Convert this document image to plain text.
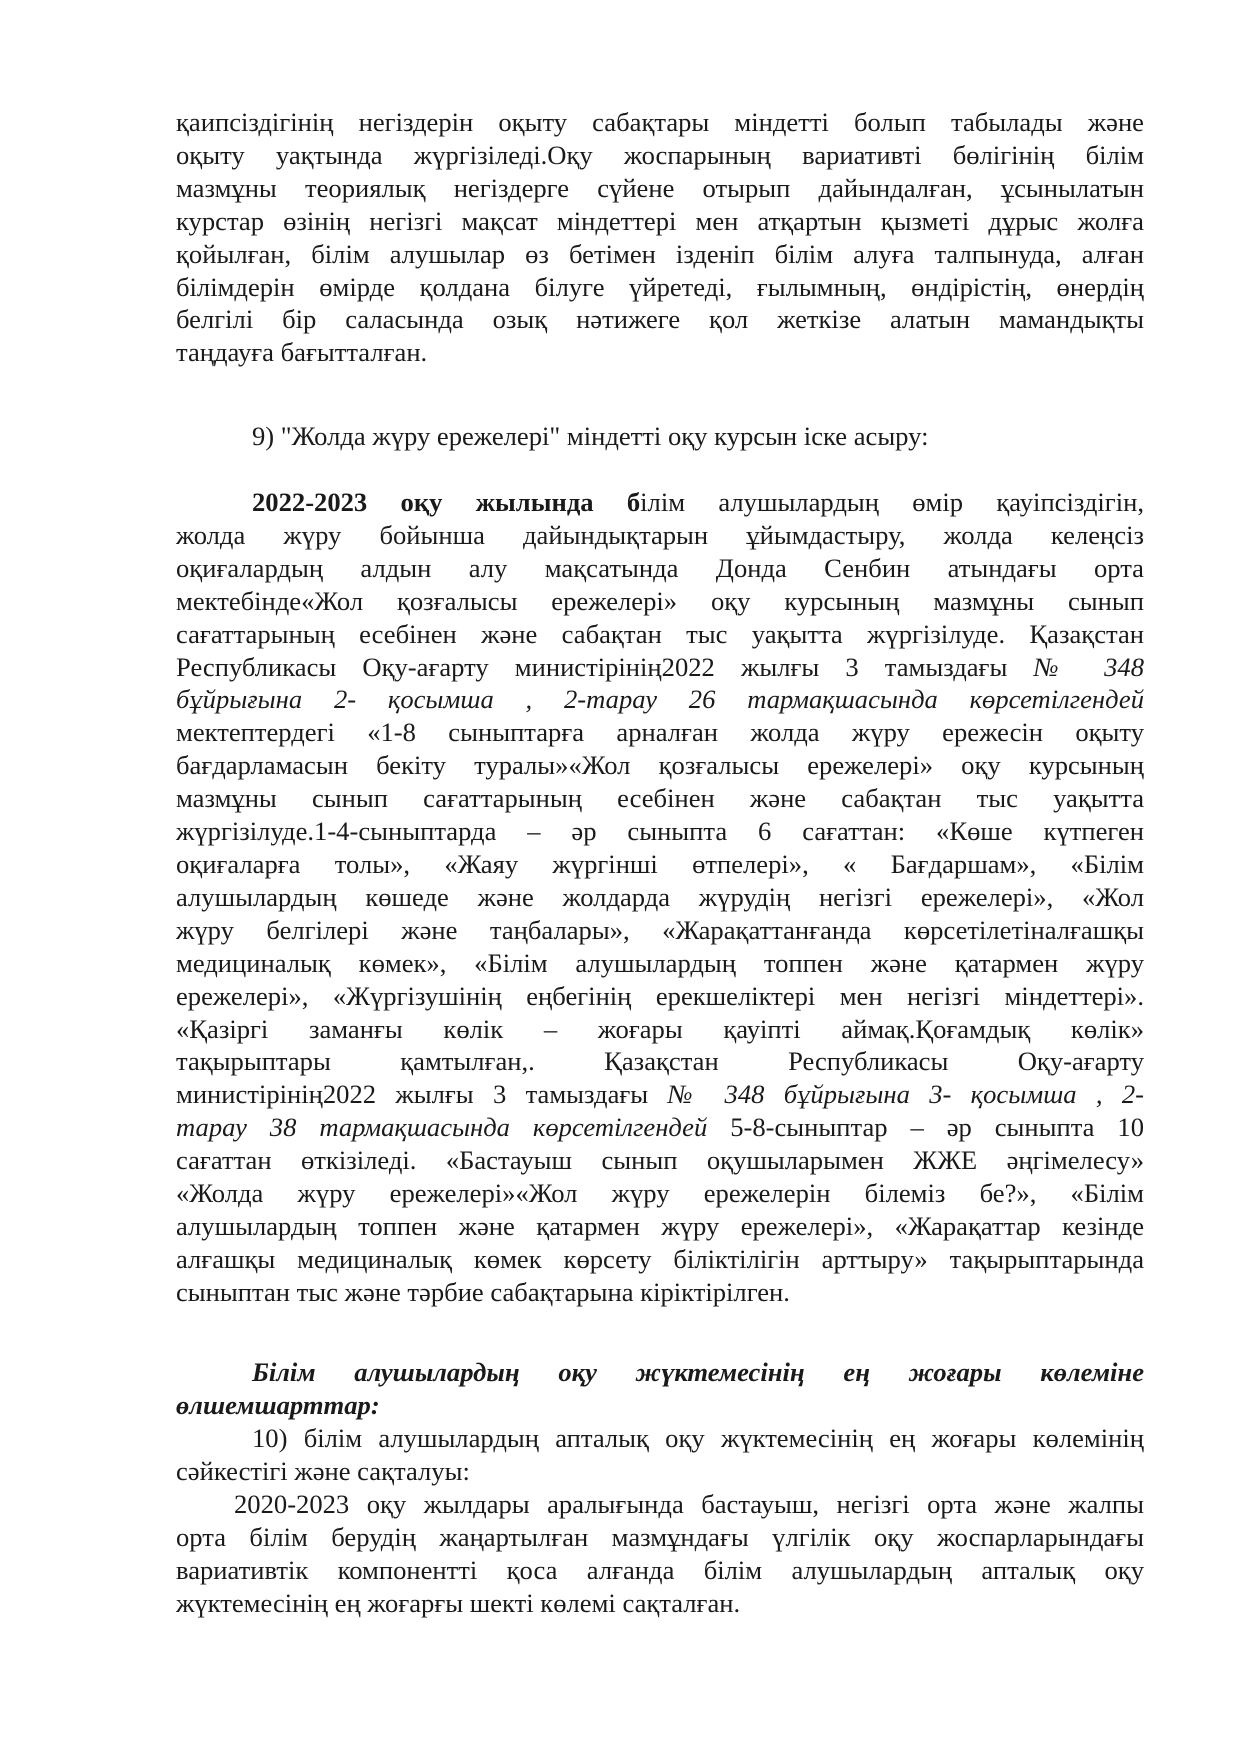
қаипсіздігінің негіздерін оқыту сабақтары міндетті болып табылады және
оқыту уақтында жүргізіледі.Оқу жоспарының вариативті бөлігінің білім
мазмұны теориялық негіздерге сүйене отырып дайындалған, ұсынылатын
курстар өзінің негізгі мақсат міндеттері мен атқартын қызметі дұрыс жолға
қойылған, білім алушылар өз бетімен ізденіп білім алуға талпынуда, алған
білімдерін өмірде қолдана білуге үйретеді, ғылымның, өндірістің, өнердің
белгілі бір саласында озық нәтижеге қол жеткізе алатын мамандықты
таңдауға бағытталған.
9) "Жолда жүру ережелері" міндетті оқу курсын іске асыру:
2022-2023 оқу жылында білім алушылардың өмір қауіпсіздігін,
жолда жүру бойынша дайындықтарын ұйымдастыру, жолда келеңсіз
оқиғалардың алдын алу мақсатында Донда Сенбин атындағы орта
мектебінде«Жол қозғалысы ережелері» оқу курсының мазмұны сынып
сағаттарының есебінен және сабақтан тыс уақытта жүргізілуде. Қазақстан
Республикасы Оқу-ағарту министірінің2022 жылғы 3 тамыздағы № 348
бұйрығына 2- қосымша , 2-тарау 26 тармақшасында көрсетілгендей
мектептердегі «1-8 сыныптарға арналған жолда жүру ережесін оқыту
бағдарламасын бекіту туралы»«Жол қозғалысы ережелері» оқу курсының
мазмұны сынып сағаттарының есебінен және сабақтан тыс уақытта
жүргізілуде.1-4-сыныптарда – әр сыныпта 6 сағаттан: «Көше күтпеген
оқиғаларға толы», «Жаяу жүргінші өтпелері», « Бағдаршам», «Білім
алушылардың көшеде және жолдарда жүрудің негізгі ережелері», «Жол
жүру белгілері және таңбалары», «Жарақаттанғанда көрсетілетіналғашқы
медициналық көмек», «Білім алушылардың топпен және қатармен жүру
ережелері», «Жүргізушінің еңбегінің ерекшеліктері мен негізгі міндеттері».
«Қазіргі заманғы көлік – жоғары қауіпті аймақ.Қоғамдық көлік»
тақырыптары қамтылған,. Қазақстан Республикасы Оқу-ағарту
министірінің2022 жылғы 3 тамыздағы № 348 бұйрығына 3- қосымша , 2-
тарау 38 тармақшасында көрсетілгендей 5-8-сыныптар – әр сыныпта 10
сағаттан өткізіледі. «Бастауыш сынып оқушыларымен ЖЖЕ әңгімелесу»
«Жолда жүру ережелері»«Жол жүру ережелерін білеміз бе?», «Білім
алушылардың топпен және қатармен жүру ережелері», «Жарақаттар кезінде
алғашқы медициналық көмек көрсету біліктілігін арттыру» тақырыптарында
сыныптан тыс және тәрбие сабақтарына кіріктірілген.
Білім алушылардың оқу жүктемесінің ең жоғары көлеміне
өлшемшарттар:
10) білім алушылардың апталық оқу жүктемесінің ең жоғары көлемінің
сәйкестігі және сақталуы:
2020-2023 оқу жылдары аралығында бастауыш, негізгі орта және жалпы
орта білім берудің жаңартылған мазмұндағы үлгілік оқу жоспарларындағы
вариативтік компонентті қоса алғанда білім алушылардың апталық оқу
жүктемесінің ең жоғарғы шекті көлемі сақталған.
